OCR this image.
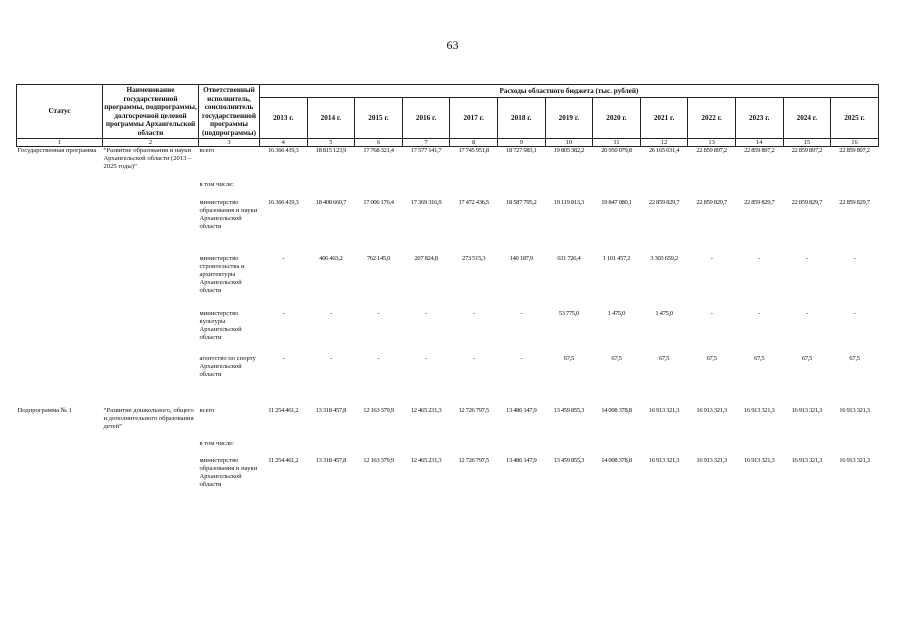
63
Статус	Наименование государственной программы, подпрограммы, долгосрочной целевой программы Архангельской области	Ответственный исполнитель, соисполнитель государственной программы (подпрограммы)	Расходы областного бюджета (тыс. рублей)												
			2013 г.	2014 г.	2015 г.	2016 г.	2017 г.	2018 г.	2019 г.	2020 г.	2021 г.	2022 г.	2023 г.	2024 г.	2025 г.
1	2	3	4	5	6	7	8	9	10	11	12	13	14	15	16
Государственная программа	“Развитие образования и науки Архангельской области (2013 – 2025 годы)”	всего	16 366 419,3	18 815 123,9	17 768 321,4	17 577 141,7	17 745 951,8	18 727 983,1	19 805 382,2	20 950 079,8	26 165 031,4	22 859 897,2	22 859 897,2	22 859 897,2	22 859 897,2
		в том числе:													
		министерство образования и науки Архангельской области	16 366 419,3	18 408 660,7	17 006 176,4	17 369 316,9	17 472 436,5	18 587 795,2	19 119 813,3	19 847 080,1	22 859 829,7	22 859 829,7	22 859 829,7	22 859 829,7	22 859 829,7
		министерство строительства и архитектуры Архангельской области	-	406 463,2	762 145,0	207 824,8	273 515,3	140 187,9	631 726,4	1 101 457,2	3 303 659,2	-	-	-	-
		министерство культуры Архангельской области	-	-	-	-	-	-	53 775,0	1 475,0	1 475,0	-	-	-	-
		агентство по спорту Архангельской области	-	-	-	-	-	-	67,5	67,5	67,5	67,5	67,5	67,5	67,5

Подпрограмма № 1	“Развитие дошкольного, общего и дополнительного образования детей”	всего	11 254 461,2	13 318 457,8	12 163 379,9	12 465 231,3	12 726 797,5	13 486 147,9	13 459 855,3	14 008 378,8	16 913 321,3	16 913 321,3	16 913 321,3	16 913 321,3	16 913 321,3
		в том числе:													
		министерство образования и науки Архангельской области	11 254 461,2	13 318 457,8	12 163 379,9	12 465 231,3	12 726 797,5	13 486 147,9	13 459 855,3	14 008 378,8	16 913 321,3	16 913 321,3	16 913 321,3	16 913 321,3	16 913 321,3
